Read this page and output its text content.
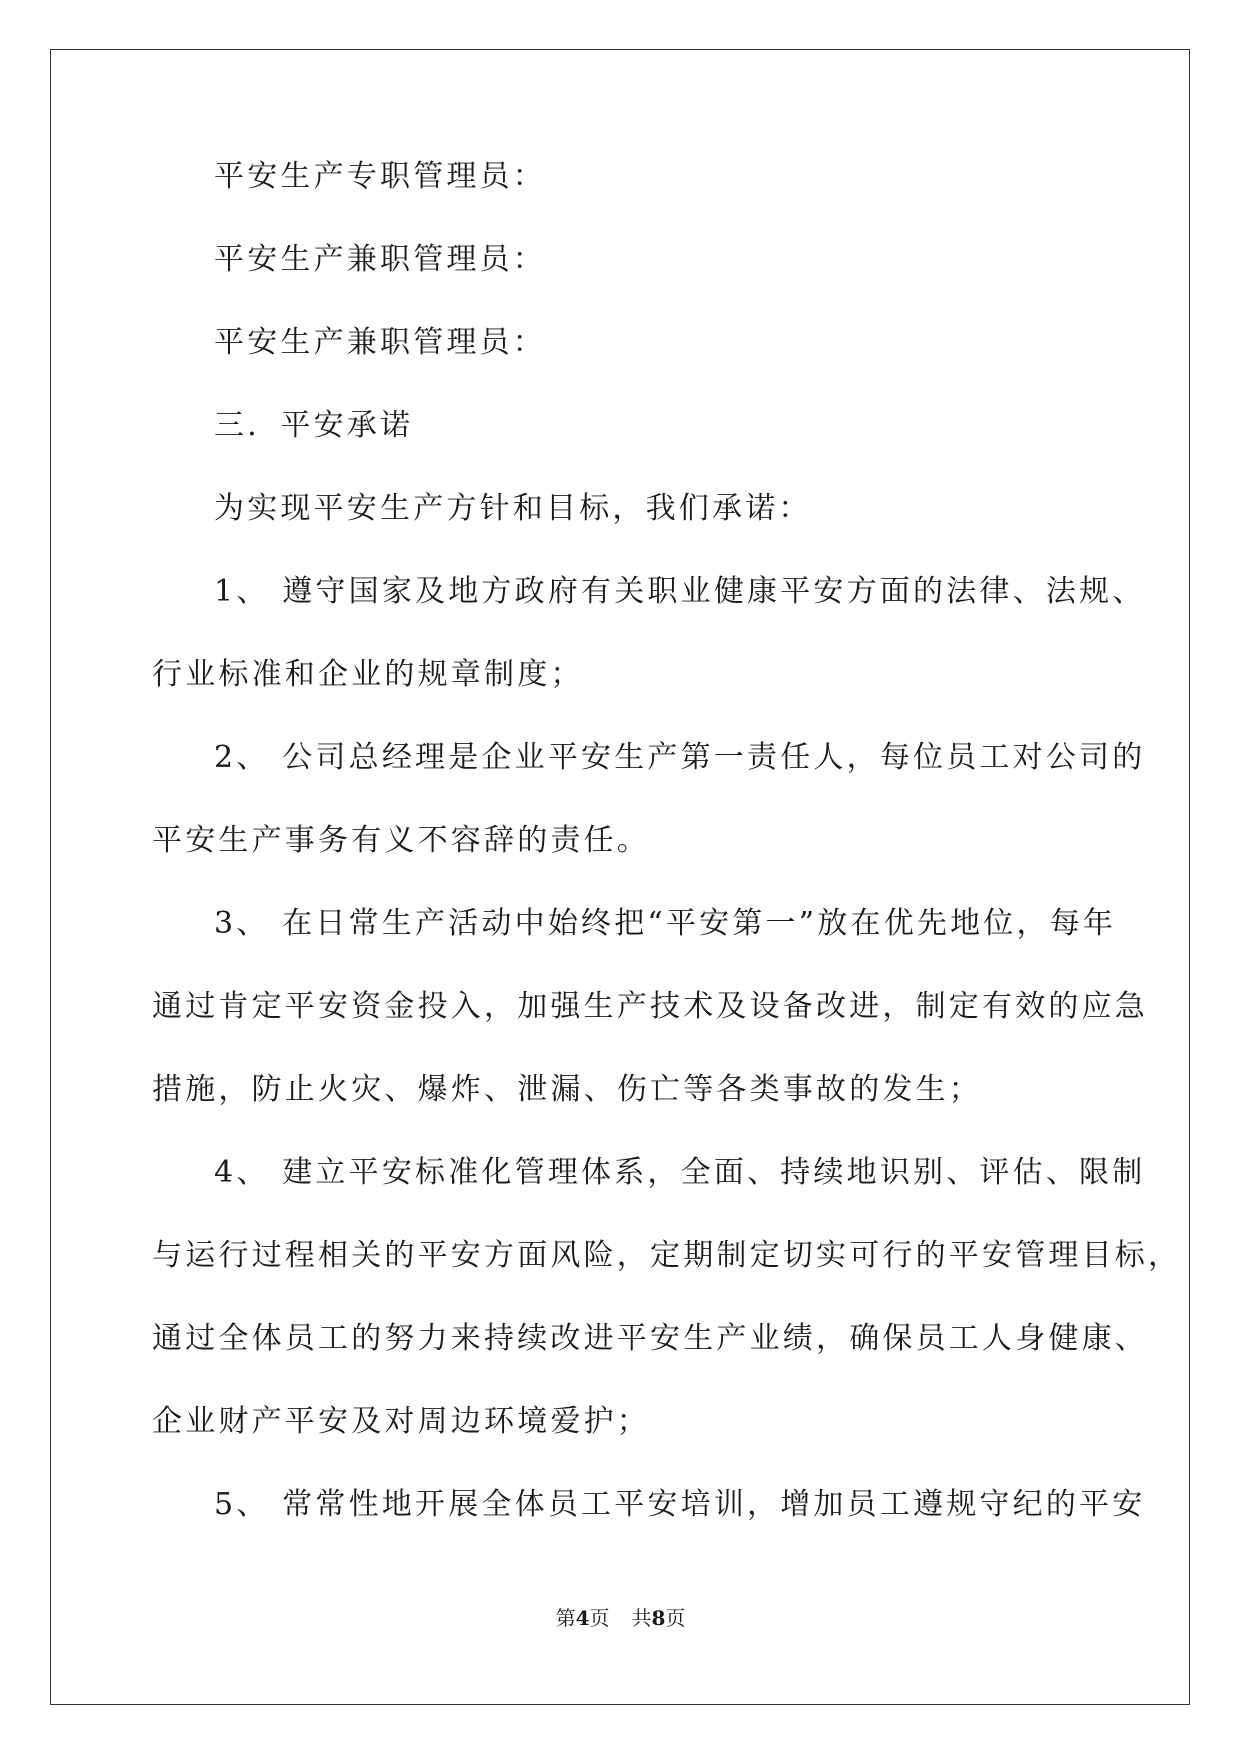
平安生产专职管理员：
平安生产兼职管理员：
平安生产兼职管理员：
三．平安承诺
为实现平安生产方针和目标，我们承诺：
1、 遵守国家及地方政府有关职业健康平安方面的法律、法规、
行业标准和企业的规章制度；
2、 公司总经理是企业平安生产第一责任人，每位员工对公司的
平安生产事务有义不容辞的责任。
3、 在日常生产活动中始终把“平安第一”放在优先地位，每年
通过肯定平安资金投入，加强生产技术及设备改进，制定有效的应急
措施，防止火灾、爆炸、泄漏、伤亡等各类事故的发生；
4、 建立平安标准化管理体系，全面、持续地识别、评估、限制
与运行过程相关的平安方面风险，定期制定切实可行的平安管理目标，
通过全体员工的努力来持续改进平安生产业绩，确保员工人身健康、
企业财产平安及对周边环境爱护；
5、 常常性地开展全体员工平安培训，增加员工遵规守纪的平安
第4页 共8页
